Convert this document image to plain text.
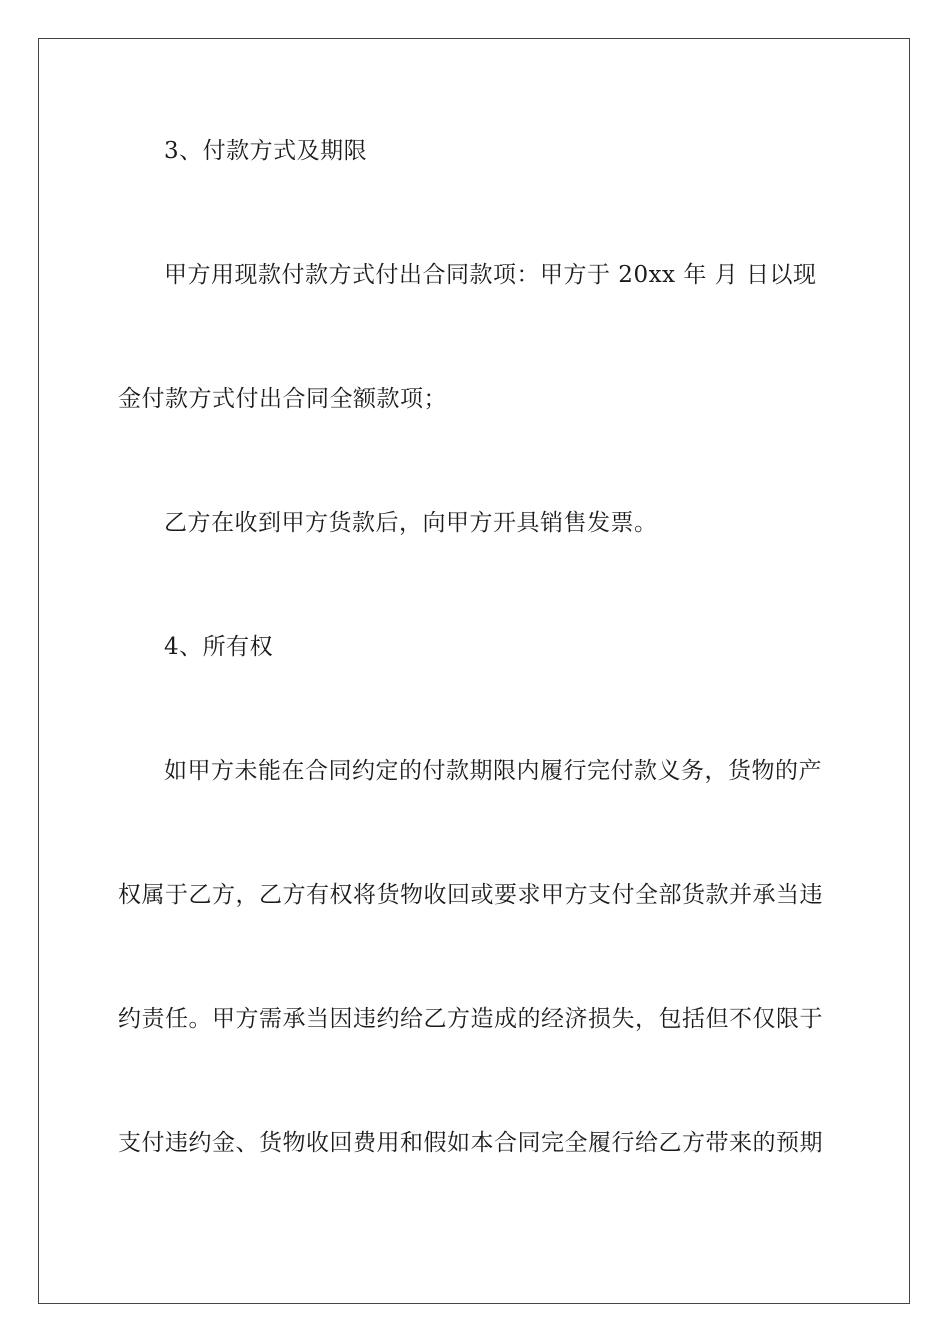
3、付款方式及期限

甲方用现款付款方式付出合同款项：甲方于 20xx 年 月 日以现

金付款方式付出合同全额款项；

乙方在收到甲方货款后，向甲方开具销售发票。

4、所有权

如甲方未能在合同约定的付款期限内履行完付款义务，货物的产

权属于乙方，乙方有权将货物收回或要求甲方支付全部货款并承当违

约责任。甲方需承当因违约给乙方造成的经济损失，包括但不仅限于

支付违约金、货物收回费用和假如本合同完全履行给乙方带来的预期
